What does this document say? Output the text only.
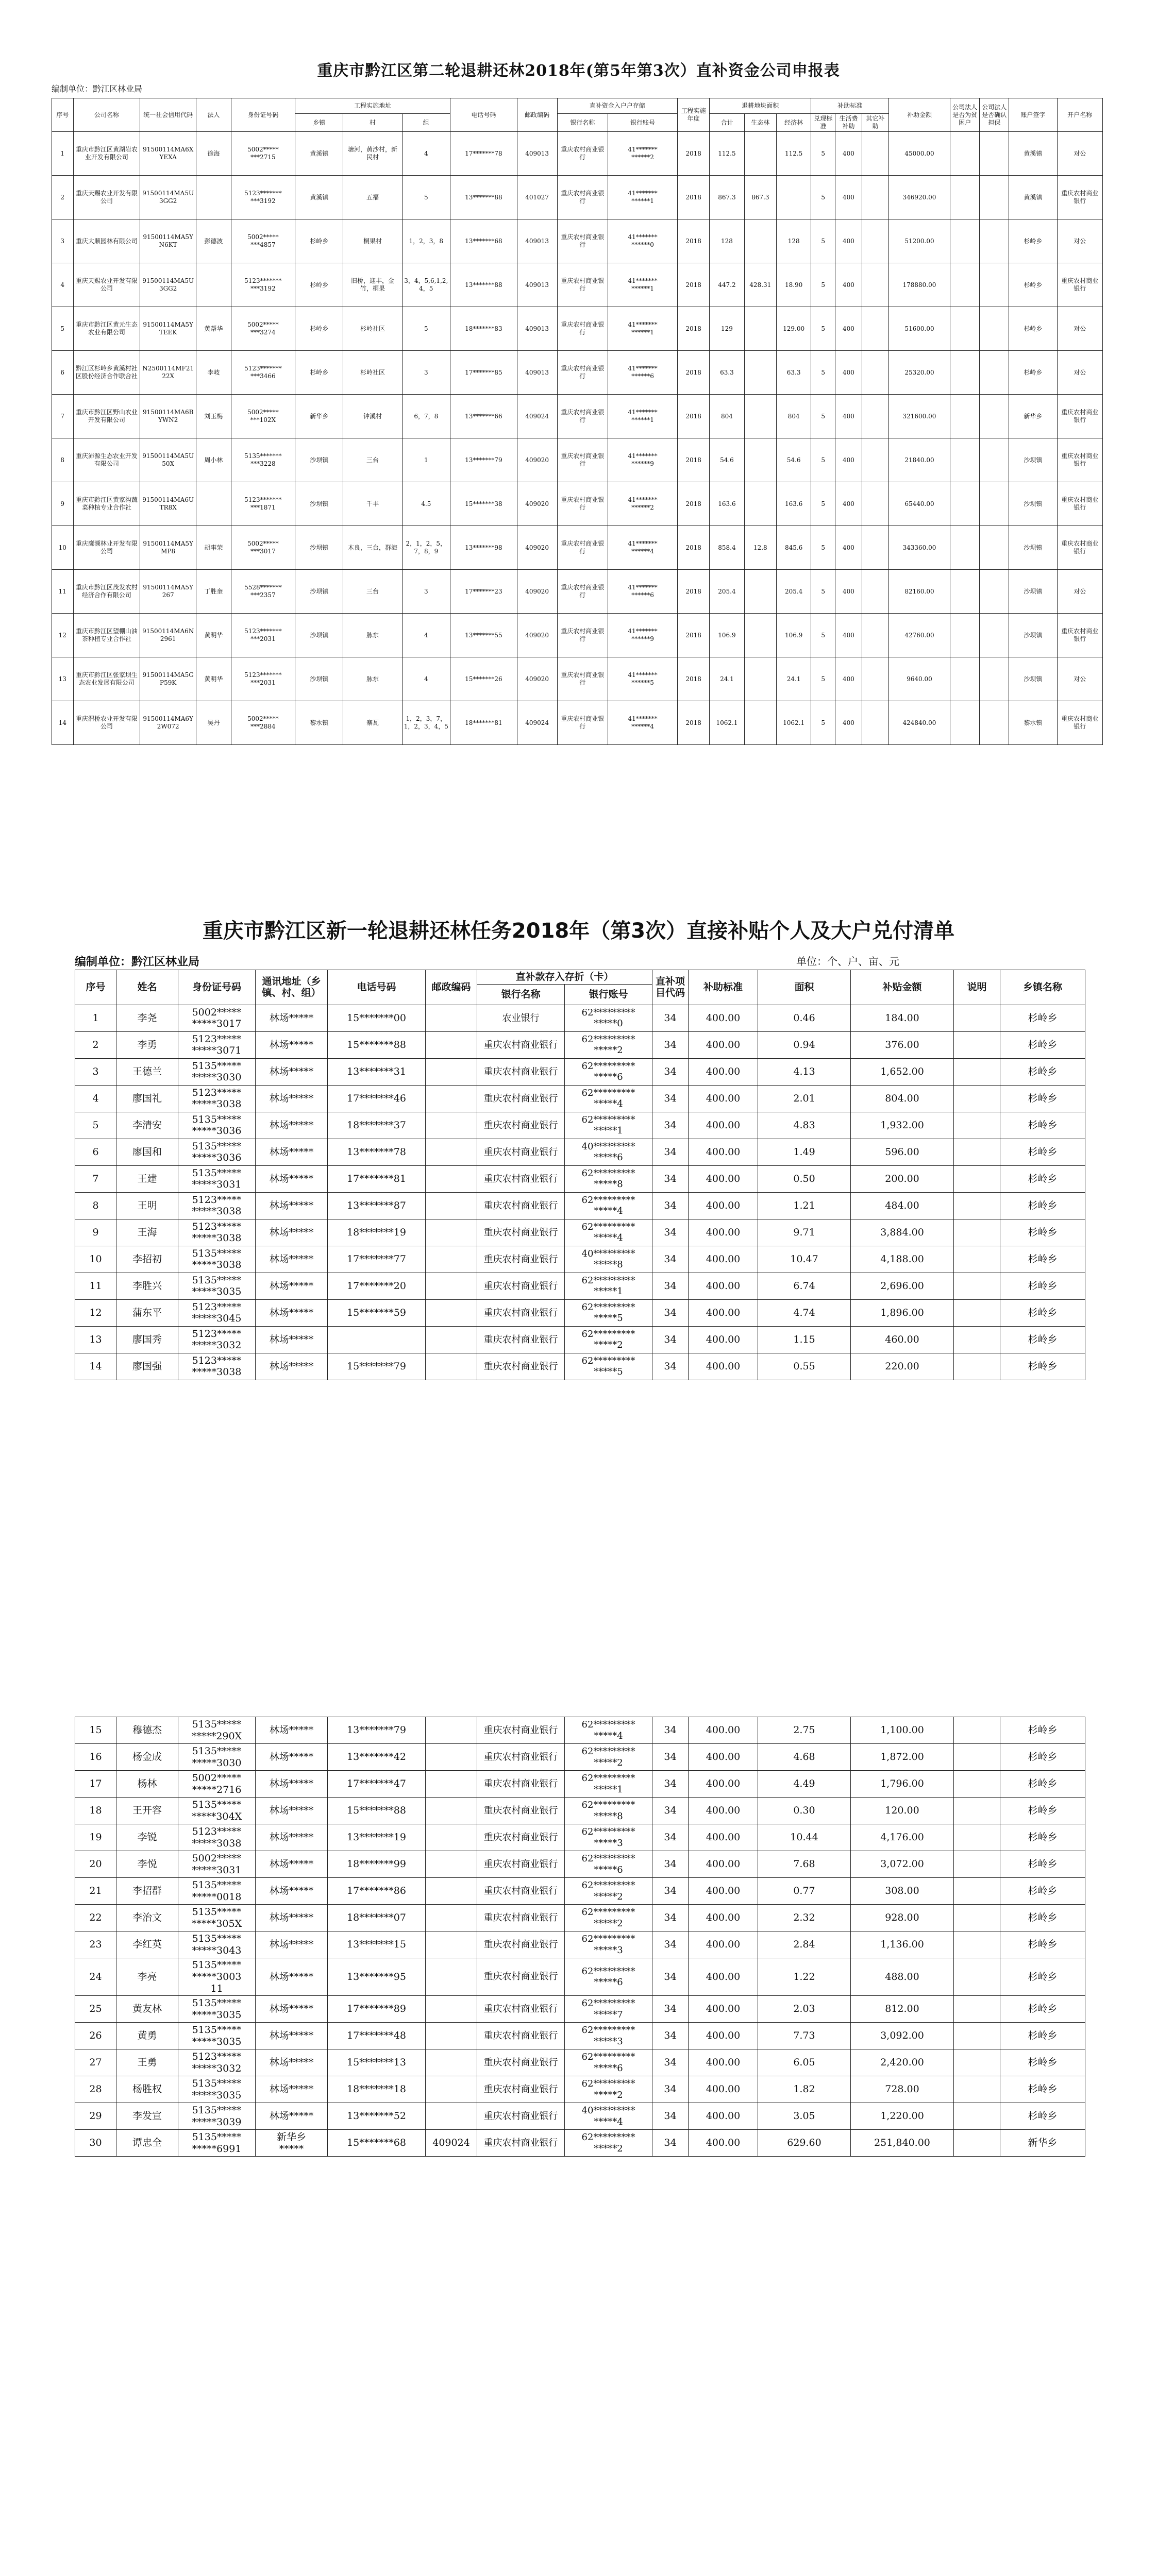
重庆市黔江区第二轮退耕还林2018年(第5年第3次）直补资金公司申报表
编制单位：黔江区林业局
序号	公司名称	统一社会信用代码	法人	身份证号码	工程实施地址			电话号码	邮政编码	直补资金入户户存储		工程实施年度	退耕地块面积			补助标准			补助金额	公司法人是否为贫困户	公司法人是否确认担保	账户签字	开户名称
					乡镇	村	组			银行名称	银行账号		合计	生态林	经济林	兑现标准	生活费补助	其它补助					
1	重庆市黔江区黄湖岩农业开发有限公司	91500114MA6XYEXA	徐海	5002*****
***2715	黄溪镇	塘河，黄沙村，新民村	4	17*******78	409013	重庆农村商业银行	41*******
******2	2018	112.5		112.5	5	400		45000.00			黄溪镇	对公
2	重庆天赐农业开发有限公司	91500114MA5U3GG2		5123*******
***3192	黄溪镇	五福	5	13*******88	401027	重庆农村商业银行	41*******
******1	2018	867.3	867.3		5	400		346920.00			黄溪镇	重庆农村商业银行
3	重庆大顺园林有限公司	91500114MA5YN6KT	彭德波	5002*****
***4857	杉岭乡	桐果村	1，2，3，8	13*******68	409013	重庆农村商业银行	41*******
******0	2018	128		128	5	400		51200.00			杉岭乡	对公
4	重庆天赐农业开发有限公司	91500114MA5U3GG2		5123*******
***3192	杉岭乡	旧桥，迎丰，金竹，桐果	3，4，5,6,1,2,4，5	13*******88	409013	重庆农村商业银行	41*******
******1	2018	447.2	428.31	18.90	5	400		178880.00			杉岭乡	重庆农村商业银行
5	重庆市黔江区黄元生态农业有限公司	91500114MA5YTEEK	黄帮华	5002*****
***3274	杉岭乡	杉岭社区	5	18*******83	409013	重庆农村商业银行	41*******
******1	2018	129		129.00	5	400		51600.00			杉岭乡	对公
6	黔江区杉岭乡黄溪村社区股份经济合作联合社	N2500114MF2122X	李岐	5123*******
***3466	杉岭乡	杉岭社区	3	17*******85	409013	重庆农村商业银行	41*******
******6	2018	63.3		63.3	5	400		25320.00			杉岭乡	对公
7	重庆市黔江区野山农业开发有限公司	91500114MA6BYWN2	刘玉梅	5002*****
***102X	新华乡	钟溪村	6，7，8	13*******66	409024	重庆农村商业银行	41*******
******1	2018	804		804	5	400		321600.00			新华乡	重庆农村商业银行
8	重庆沛源生态农业开发有限公司	91500114MA5U50X	周小林	5135*******
***3228	沙坝镇	三台	1	13*******79	409020	重庆农村商业银行	41*******
******9	2018	54.6		54.6	5	400		21840.00			沙坝镇	重庆农村商业银行
9	重庆市黔江区黄家沟蔬菜种植专业合作社	91500114MA6UTR8X		5123*******
***1871	沙坝镇	千丰	4.5	15*******38	409020	重庆农村商业银行	41*******
******2	2018	163.6		163.6	5	400		65440.00			沙坝镇	重庆农村商业银行
10	重庆鹰濒林业开发有限公司	91500114MA5YMP8	胡事荣	5002*****
***3017	沙坝镇	木良，三台，群海	2，1，2，5，7，8，9	13*******98	409020	重庆农村商业银行	41*******
******4	2018	858.4	12.8	845.6	5	400		343360.00			沙坝镇	重庆农村商业银行
11	重庆市黔江区茂发农村经济合作有限公司	91500114MA5Y267	丁胜奎	5528*******
***2357	沙坝镇	三台	3	17*******23	409020	重庆农村商业银行	41*******
******6	2018	205.4		205.4	5	400		82160.00			沙坝镇	对公
12	重庆市黔江区望棚山油茶种植专业合作社	91500114MA6N2961	黄明华	5123*******
***2031	沙坝镇	脉东	4	13*******55	409020	重庆农村商业银行	41*******
******9	2018	106.9		106.9	5	400		42760.00			沙坝镇	重庆农村商业银行
13	重庆市黔江区张家坝生态农业发展有限公司	91500114MA5GP59K	黄明华	5123*******
***2031	沙坝镇	脉东	4	15*******26	409020	重庆农村商业银行	41*******
******5	2018	24.1		24.1	5	400		9640.00			沙坝镇	对公
14	重庆渭桥农业开发有限公司	91500114MA6Y2W072	吴丹	5002*****
***2884	黎水镇	寨瓦	1，2，3，7，1，2，3，4，5	18*******81	409024	重庆农村商业银行	41*******
******4	2018	1062.1		1062.1	5	400		424840.00			黎水镇	重庆农村商业银行
重庆市黔江区新一轮退耕还林任务2018年（第3次）直接补贴个人及大户兑付清单
编制单位：黔江区林业局	单位：个、户、亩、元
序号	姓名	身份证号码	通讯地址（乡镇、村、组）	电话号码	邮政编码	直补款存入存折（卡）		直补项目代码	补助标准	面积	补贴金额	说明	乡镇名称
						银行名称	银行账号						
1	李尧	5002*****
*****3017	林场*****	15*******00		农业银行	62*********
*****0	34	400.00	0.46	184.00		杉岭乡
2	李勇	5123*****
*****3071	林场*****	15*******88		重庆农村商业银行	62*********
*****2	34	400.00	0.94	376.00		杉岭乡
3	王德兰	5135*****
*****3030	林场*****	13*******31		重庆农村商业银行	62*********
*****6	34	400.00	4.13	1,652.00		杉岭乡
4	廖国礼	5123*****
*****3038	林场*****	17*******46		重庆农村商业银行	62*********
*****4	34	400.00	2.01	804.00		杉岭乡
5	李清安	5135*****
*****3036	林场*****	18*******37		重庆农村商业银行	62*********
*****1	34	400.00	4.83	1,932.00		杉岭乡
6	廖国和	5135*****
*****3036	林场*****	13*******78		重庆农村商业银行	40*********
*****6	34	400.00	1.49	596.00		杉岭乡
7	王建	5135*****
*****3031	林场*****	17*******81		重庆农村商业银行	62*********
*****8	34	400.00	0.50	200.00		杉岭乡
8	王明	5123*****
*****3038	林场*****	13*******87		重庆农村商业银行	62*********
*****4	34	400.00	1.21	484.00		杉岭乡
9	王海	5123*****
*****3038	林场*****	18*******19		重庆农村商业银行	62*********
*****4	34	400.00	9.71	3,884.00		杉岭乡
10	李招初	5135*****
*****3038	林场*****	17*******77		重庆农村商业银行	40*********
*****8	34	400.00	10.47	4,188.00		杉岭乡
11	李胜兴	5135*****
*****3035	林场*****	17*******20		重庆农村商业银行	62*********
*****1	34	400.00	6.74	2,696.00		杉岭乡
12	蒲东平	5123*****
*****3045	林场*****	15*******59		重庆农村商业银行	62*********
*****5	34	400.00	4.74	1,896.00		杉岭乡
13	廖国秀	5123*****
*****3032	林场*****			重庆农村商业银行	62*********
*****2	34	400.00	1.15	460.00		杉岭乡
14	廖国强	5123*****
*****3038	林场*****	15*******79		重庆农村商业银行	62*********
*****5	34	400.00	0.55	220.00		杉岭乡
15	穆德杰	5135*****
*****290X	林场*****	13*******79		重庆农村商业银行	62*********
*****4	34	400.00	2.75	1,100.00		杉岭乡
16	杨金成	5135*****
*****3030	林场*****	13*******42		重庆农村商业银行	62*********
*****2	34	400.00	4.68	1,872.00		杉岭乡
17	杨林	5002*****
*****2716	林场*****	17*******47		重庆农村商业银行	62*********
*****1	34	400.00	4.49	1,796.00		杉岭乡
18	王开容	5135*****
*****304X	林场*****	15*******88		重庆农村商业银行	62*********
*****8	34	400.00	0.30	120.00		杉岭乡
19	李锐	5123*****
*****3038	林场*****	13*******19		重庆农村商业银行	62*********
*****3	34	400.00	10.44	4,176.00		杉岭乡
20	李悦	5002*****
*****3031	林场*****	18*******99		重庆农村商业银行	62*********
*****6	34	400.00	7.68	3,072.00		杉岭乡
21	李招群	5135*****
*****0018	林场*****	17*******86		重庆农村商业银行	62*********
*****2	34	400.00	0.77	308.00		杉岭乡
22	李治文	5135*****
*****305X	林场*****	18*******07		重庆农村商业银行	62*********
*****2	34	400.00	2.32	928.00		杉岭乡
23	李红英	5135*****
*****3043	林场*****	13*******15		重庆农村商业银行	62*********
*****3	34	400.00	2.84	1,136.00		杉岭乡
24	李亮	5135*****
*****3003
11	林场*****	13*******95		重庆农村商业银行	62*********
*****6	34	400.00	1.22	488.00		杉岭乡
25	黄友林	5135*****
*****3035	林场*****	17*******89		重庆农村商业银行	62*********
*****7	34	400.00	2.03	812.00		杉岭乡
26	黄勇	5135*****
*****3035	林场*****	17*******48		重庆农村商业银行	62*********
*****3	34	400.00	7.73	3,092.00		杉岭乡
27	王勇	5123*****
*****3032	林场*****	15*******13		重庆农村商业银行	62*********
*****6	34	400.00	6.05	2,420.00		杉岭乡
28	杨胜权	5135*****
*****3035	林场*****	18*******18		重庆农村商业银行	62*********
*****2	34	400.00	1.82	728.00		杉岭乡
29	李发宣	5135*****
*****3039	林场*****	13*******52		重庆农村商业银行	40*********
*****4	34	400.00	3.05	1,220.00		杉岭乡
30	谭忠全	5135*****
*****6991	新华乡
*****	15*******68	409024	重庆农村商业银行	62*********
*****2	34	400.00	629.60	251,840.00		新华乡
